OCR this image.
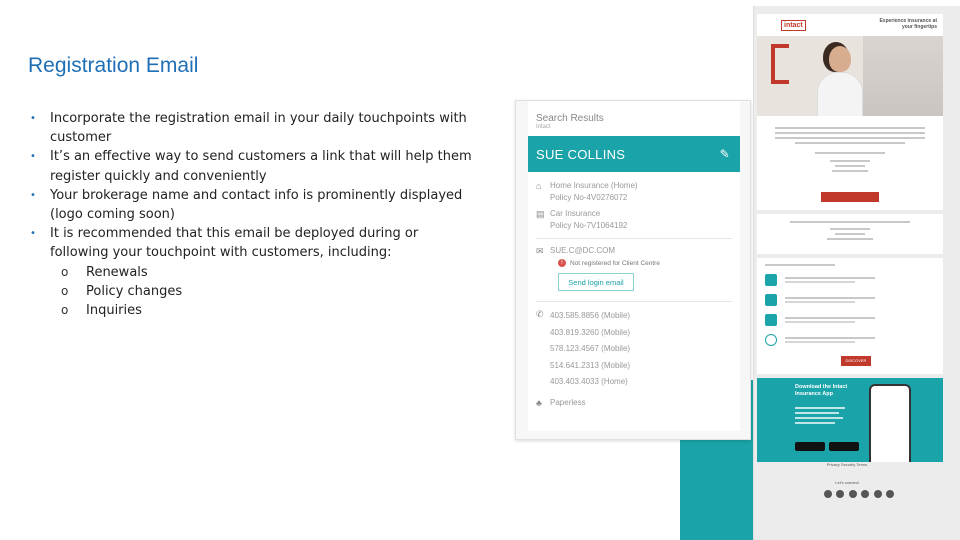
Registration Email
• Incorporate the registration email in your daily touchpoints with
customer
• It’s an effective way to send customers a link that will help them
register quickly and conveniently
• Your brokerage name and contact info is prominently displayed
(logo coming soon)
• It is recommended that this email be deployed during or
following your touchpoint with customers, including:
o Renewals
o Policy changes
o Inquiries
Search Results
Intact
SUE COLLINS	✎
⌂	Home Insurance (Home)
Policy No-4V0276072
▤ Car Insurance
Policy No-7V1064192
✉ SUE.C@DC.COM
!	Not registered for Client Centre
Send login email
✆ 403.585.8856 (Mobile)
403.819.3260 (Mobile)
578.123.4567 (Mobile)
514.641.2313 (Mobile)
403.403.4033 (Home)
♣	Paperless
intact
Experience insurance at your fingertips
DISCOVER
Download the Intact Insurance App
Privacy Security Terms
Let’s connect
